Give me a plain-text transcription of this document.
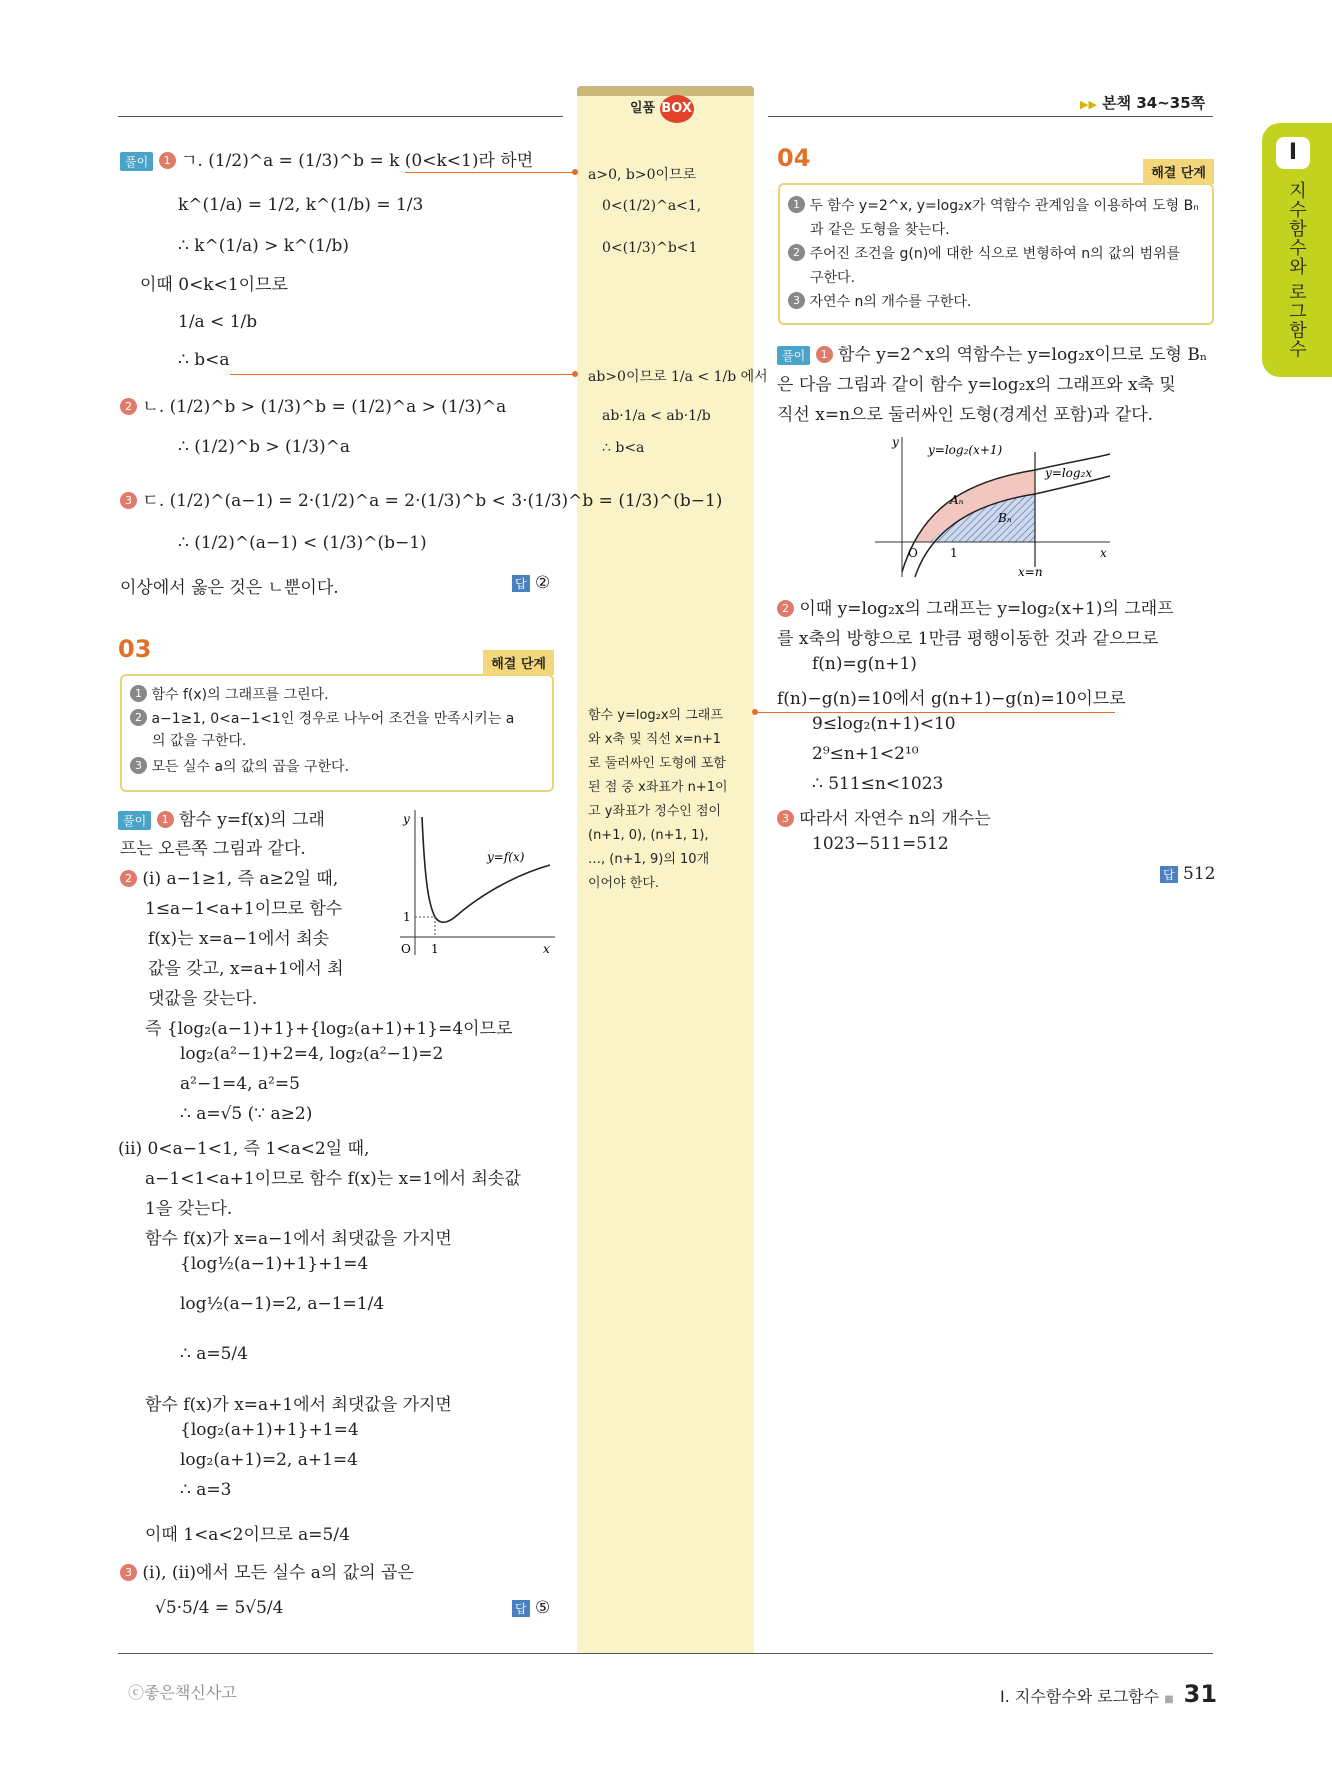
일품 BOX	▶▶ 본책 34~35쪽
I
지수함수와 로그함수
풀이 1 ㄱ. (1/2)^a = (1/3)^b = k (0<k<1)라 하면
k^(1/a) = 1/2, k^(1/b) = 1/3
∴ k^(1/a) > k^(1/b)
이때 0<k<1이므로
1/a < 1/b
∴ b<a
2 ㄴ. (1/2)^b > (1/3)^b = (1/2)^a > (1/3)^a
∴ (1/2)^b > (1/3)^a
3 ㄷ. (1/2)^(a−1) = 2·(1/2)^a = 2·(1/3)^b < 3·(1/3)^b = (1/3)^(b−1)
∴ (1/2)^(a−1) < (1/3)^(b−1)
이상에서 옳은 것은 ㄴ뿐이다.	답 ②
a>0, b>0이므로
0<(1/2)^a<1,
0<(1/3)^b<1
ab>0이므로 1/a < 1/b 에서
ab·1/a < ab·1/b
∴ b<a
함수 y=log₂x의 그래프
와 x축 및 직선 x=n+1
로 둘러싸인 도형에 포함
된 점 중 x좌표가 n+1이
고 y좌표가 정수인 점이
(n+1, 0), (n+1, 1),
…, (n+1, 9)의 10개
이어야 한다.
03
해결 단계
1 함수 f(x)의 그래프를 그린다.
2 a−1≥1, 0<a−1<1인 경우로 나누어 조건을 만족시키는 a
의 값을 구한다.
3 모든 실수 a의 값의 곱을 구한다.
풀이 1 함수 y=f(x)의 그래
프는 오른쪽 그림과 같다.
2 (i) a−1≥1, 즉 a≥2일 때,
1≤a−1<a+1이므로 함수
f(x)는 x=a−1에서 최솟
값을 갖고, x=a+1에서 최
댓값을 갖는다.
즉 {log₂(a−1)+1}+{log₂(a+1)+1}=4이므로
log₂(a²−1)+2=4, log₂(a²−1)=2
a²−1=4, a²=5
∴ a=√5 (∵ a≥2)
(ii) 0<a−1<1, 즉 1<a<2일 때,
a−1<1<a+1이므로 함수 f(x)는 x=1에서 최솟값
1을 갖는다.
함수 f(x)가 x=a−1에서 최댓값을 가지면
{log½(a−1)+1}+1=4
log½(a−1)=2, a−1=1/4
∴ a=5/4
함수 f(x)가 x=a+1에서 최댓값을 가지면
{log₂(a+1)+1}+1=4
log₂(a+1)=2, a+1=4
∴ a=3
이때 1<a<2이므로 a=5/4
3 (i), (ii)에서 모든 실수 a의 값의 곱은
√5·5/4 = 5√5/4	답 ⑤
y
x
O 1
1
y=f(x)
04
해결 단계
1 두 함수 y=2^x, y=log₂x가 역함수 관계임을 이용하여 도형 Bₙ
과 같은 도형을 찾는다.
2 주어진 조건을 g(n)에 대한 식으로 변형하여 n의 값의 범위를
구한다.
3 자연수 n의 개수를 구한다.
풀이 1 함수 y=2^x의 역함수는 y=log₂x이므로 도형 Bₙ
은 다음 그림과 같이 함수 y=log₂x의 그래프와 x축 및
직선 x=n으로 둘러싸인 도형(경계선 포함)과 같다.
y
x
O	1
x=n
y=log₂(x+1)
y=log₂x
Aₙ
Bₙ
2 이때 y=log₂x의 그래프는 y=log₂(x+1)의 그래프
를 x축의 방향으로 1만큼 평행이동한 것과 같으므로
f(n)=g(n+1)
f(n)−g(n)=10에서 g(n+1)−g(n)=10이므로
9≤log₂(n+1)<10
2⁹≤n+1<2¹⁰
∴ 511≤n<1023
3 따라서 자연수 n의 개수는
1023−511=512
답 512
ⓒ좋은책신사고	I. 지수함수와 로그함수 ■ 31
